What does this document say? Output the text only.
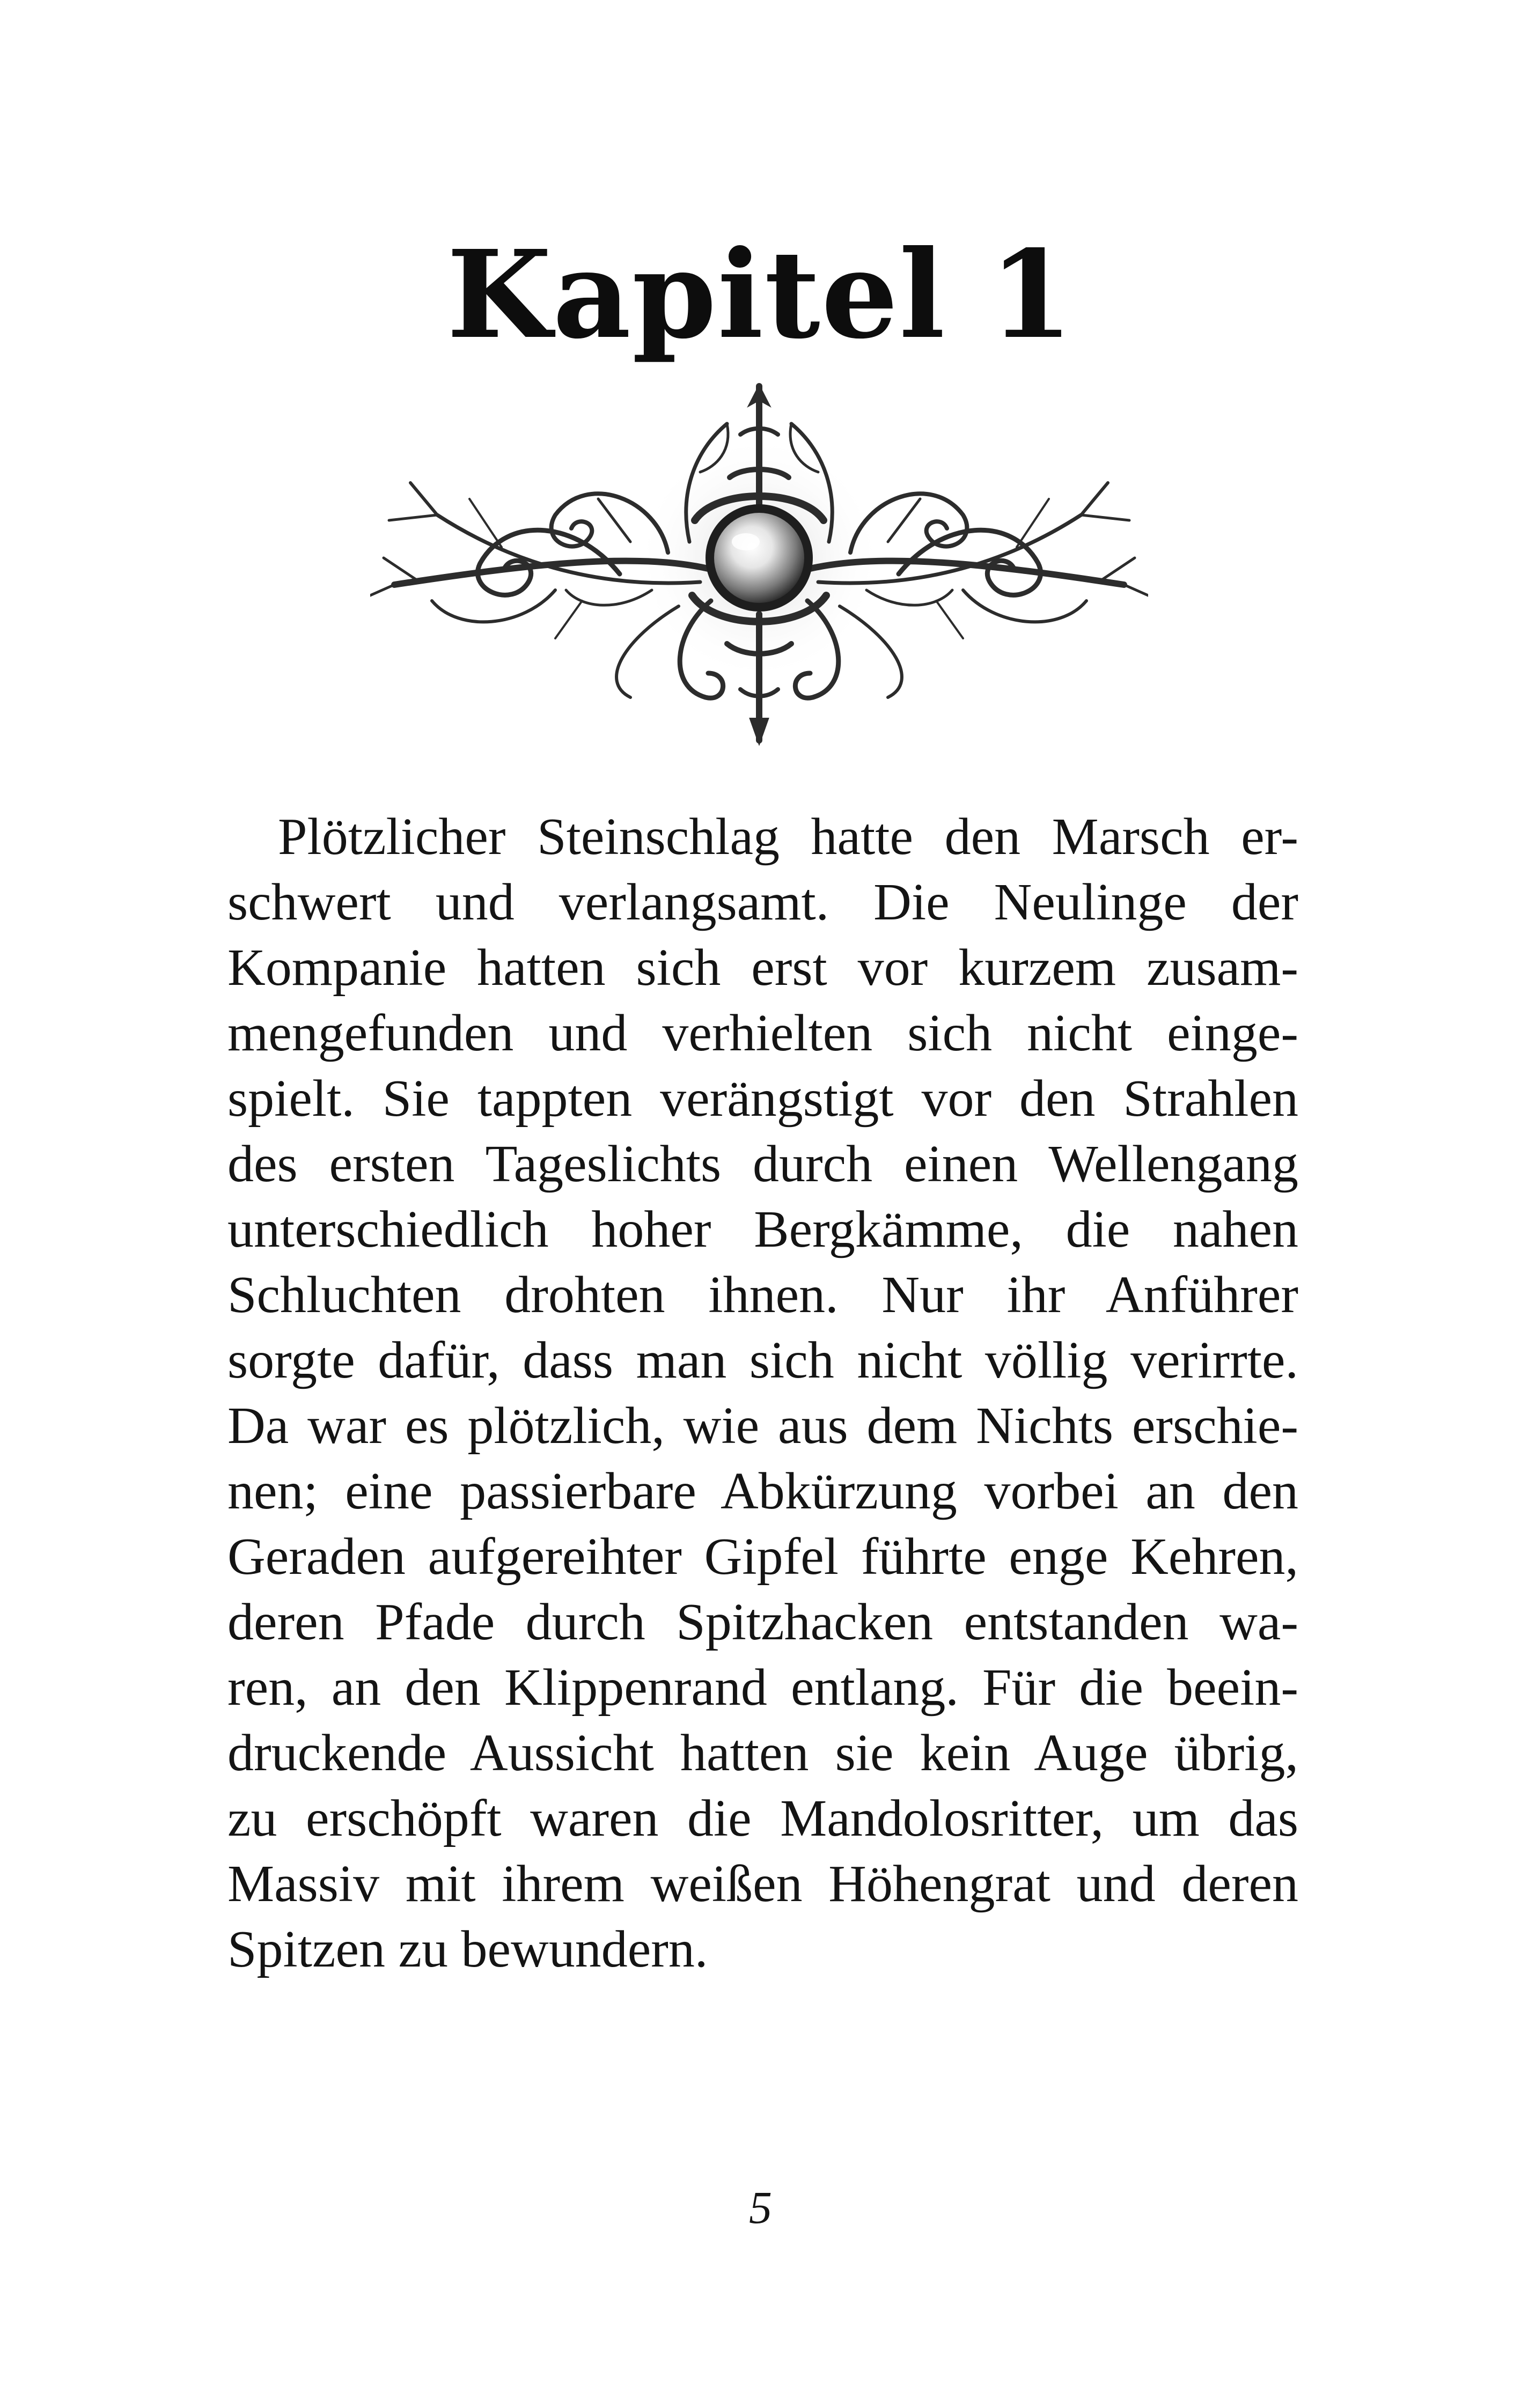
Kapitel 1
Plötzlicher Steinschlag hatte den Marsch er-
schwert und verlangsamt. Die Neulinge der
Kompanie hatten sich erst vor kurzem zusam-
mengefunden und verhielten sich nicht einge-
spielt. Sie tappten verängstigt vor den Strahlen
des ersten Tageslichts durch einen Wellengang
unterschiedlich hoher Bergkämme, die nahen
Schluchten drohten ihnen. Nur ihr Anführer
sorgte dafür, dass man sich nicht völlig verirrte.
Da war es plötzlich, wie aus dem Nichts erschie-
nen; eine passierbare Abkürzung vorbei an den
Geraden aufgereihter Gipfel führte enge Kehren,
deren Pfade durch Spitzhacken entstanden wa-
ren, an den Klippenrand entlang. Für die beein-
druckende Aussicht hatten sie kein Auge übrig,
zu erschöpft waren die Mandolosritter, um das
Massiv mit ihrem weißen Höhengrat und deren
Spitzen zu bewundern.
5
